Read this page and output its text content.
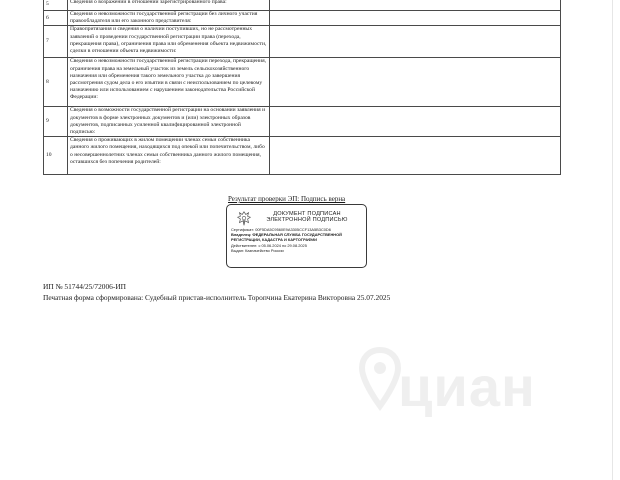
5	Сведения о возражении в отношении зарегистрированного права:	
6	Сведения о невозможности государственной регистрации без личного участия правообладателя или его законного представителя:	
7	Правопритязания и сведения о наличии поступивших, но не рассмотренных заявлений о проведении государственной регистрации права (перехода, прекращения права), ограничения права или обременения объекта недвижимости, сделки в отношении объекта недвижимости:	
8	Сведения о невозможности государственной регистрации перехода, прекращения, ограничения права на земельный участок из земель сельскохозяйственного назначения или обременения такого земельного участка до завершения рассмотрения судом дела о его изъятии в связи с неиспользованием по целевому назначению или использованием с нарушением законодательства Российской Федерации:	
9	Сведения о возможности государственной регистрации на основании заявления и документов в форме электронных документов и (или) электронных образов документов, подписанных усиленной квалифицированной электронной подписью:	
10	Сведения о проживающих в жилом помещении членах семьи собственника данного жилого помещения, находящихся под опекой или попечительством, либо о несовершеннолетних членах семьи собственника данного жилого помещения, оставшихся без попечения родителей:	
Результат проверки ЭП: Подпись верна
ДОКУМЕНТ ПОДПИСАН
ЭЛЕКТРОННОЙ ПОДПИСЬЮ
Сертификат: 00F5DA5C9560E9A3305CCF13A5B3C0D6
Владелец: ФЕДЕРАЛЬНАЯ СЛУЖБА ГОСУДАРСТВЕННОЙ
РЕГИСТРАЦИИ, КАДАСТРА И КАРТОГРАФИИ
Действителен: с 05.06.2024 по 29.08.2025
Выдан: Казначейство России
ИП № 51744/25/72006-ИП
Печатная форма сформирована: Судебный пристав-исполнитель Торопчина Екатерина Викторовна 25.07.2025
циан
